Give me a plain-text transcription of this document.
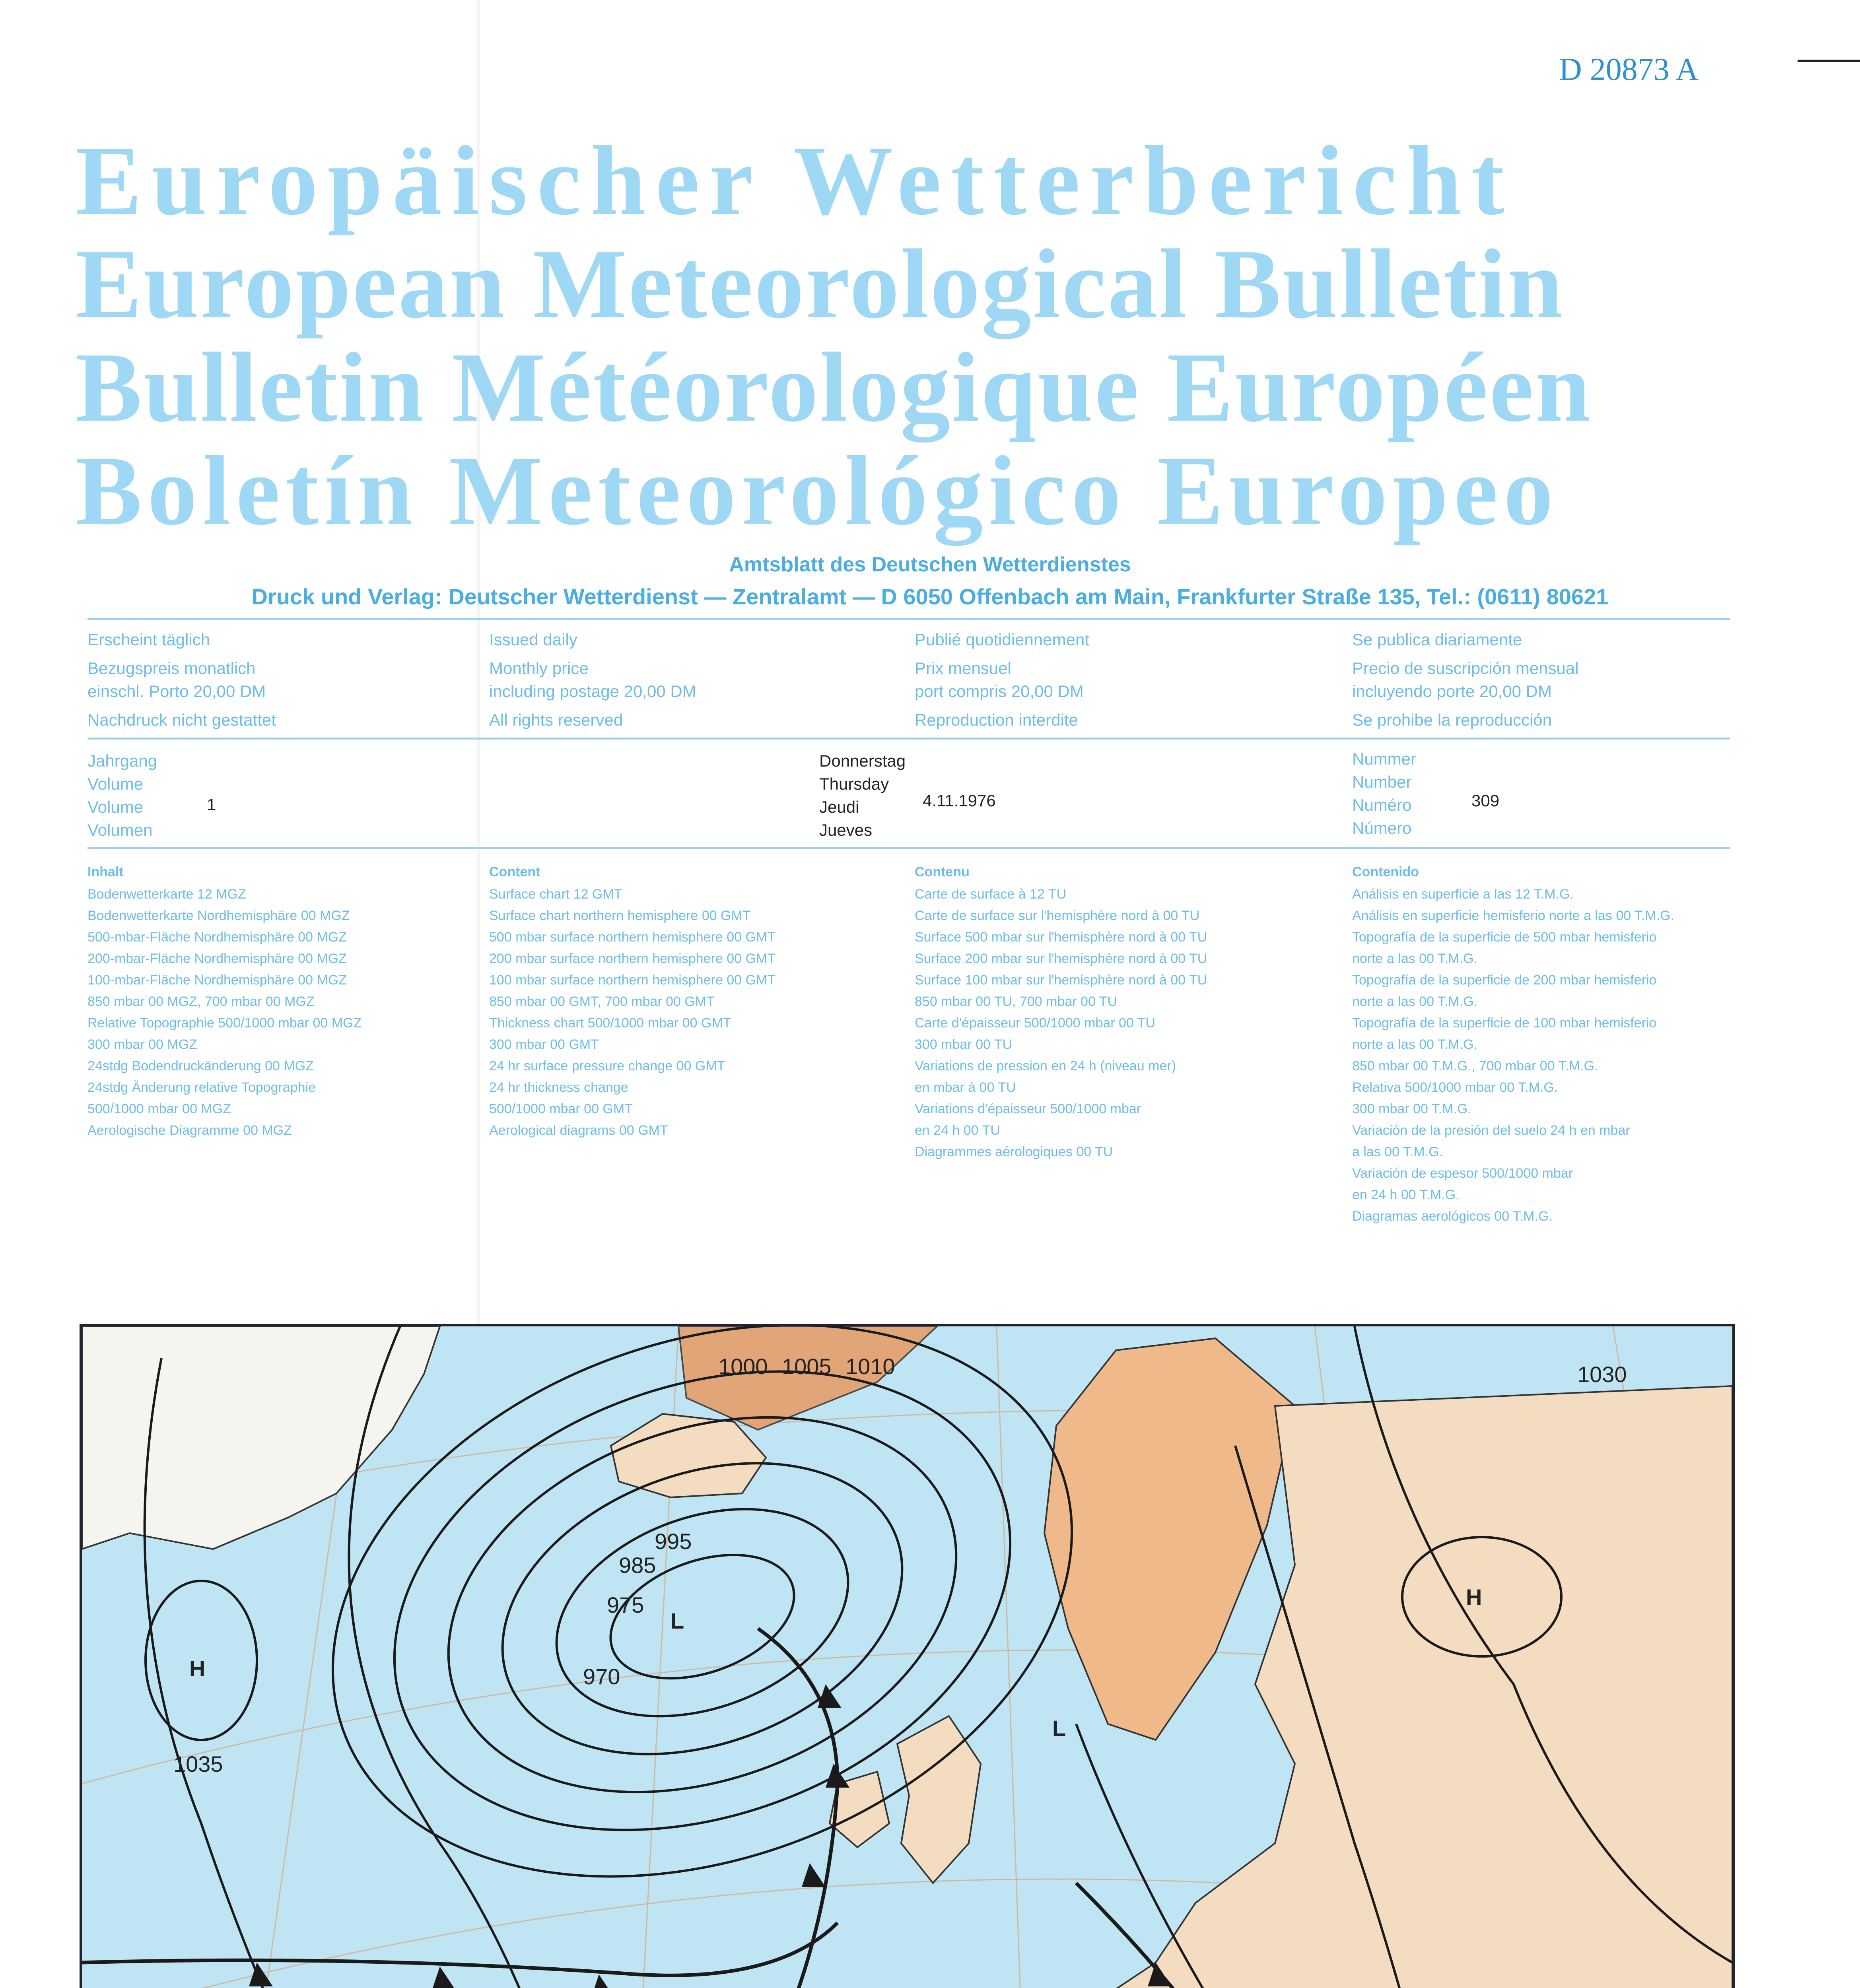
D 20873 A
Europäischer Wetterbericht
European Meteorological Bulletin
Bulletin Météorologique Européen
Boletín Meteorológico Europeo
Amtsblatt des Deutschen Wetterdienstes
Druck und Verlag: Deutscher Wetterdienst — Zentralamt — D 6050 Offenbach am Main, Frankfurter Straße 135, Tel.: (0611) 80621
Erscheint täglich
Bezugspreis monatlich
einschl. Porto 20,00 DM
Nachdruck nicht gestattet
Issued daily
Monthly price
including postage 20,00 DM
All rights reserved
Publié quotidiennement
Prix mensuel
port compris 20,00 DM
Reproduction interdite
Se publica diariamente
Precio de suscripción mensual
incluyendo porte 20,00 DM
Se prohibe la reproducción
Jahrgang
Volume
Volume
Volumen
1
Donnerstag
Thursday
Jeudi
Jueves
4.11.1976
Nummer
Number
Numéro
Número
309
Inhalt
Bodenwetterkarte 12 MGZ
Bodenwetterkarte Nordhemisphäre 00 MGZ
500-mbar-Fläche Nordhemisphäre 00 MGZ
200-mbar-Fläche Nordhemisphäre 00 MGZ
100-mbar-Fläche Nordhemisphäre 00 MGZ
850 mbar 00 MGZ, 700 mbar 00 MGZ
Relative Topographie 500/1000 mbar 00 MGZ
300 mbar 00 MGZ
24stdg Bodendruckänderung 00 MGZ
24stdg Änderung relative Topographie
500/1000 mbar 00 MGZ
Aerologische Diagramme 00 MGZ
Content
Surface chart 12 GMT
Surface chart northern hemisphere 00 GMT
500 mbar surface northern hemisphere 00 GMT
200 mbar surface northern hemisphere 00 GMT
100 mbar surface northern hemisphere 00 GMT
850 mbar 00 GMT, 700 mbar 00 GMT
Thickness chart 500/1000 mbar 00 GMT
300 mbar 00 GMT
24 hr surface pressure change 00 GMT
24 hr thickness change
500/1000 mbar 00 GMT
Aerological diagrams 00 GMT
Contenu
Carte de surface à 12 TU
Carte de surface sur l'hemisphère nord à 00 TU
Surface 500 mbar sur l'hemisphère nord à 00 TU
Surface 200 mbar sur l'hemisphère nord à 00 TU
Surface 100 mbar sur l'hemisphère nord à 00 TU
850 mbar 00 TU, 700 mbar 00 TU
Carte d'épaisseur 500/1000 mbar 00 TU
300 mbar 00 TU
Variations de pression en 24 h (niveau mer)
en mbar à 00 TU
Variations d'épaisseur 500/1000 mbar
en 24 h 00 TU
Diagrammes aérologiques 00 TU
Contenido
Análisis en superficie a las 12 T.M.G.
Análisis en superficie hemisferio norte a las 00 T.M.G.
Topografía de la superficie de 500 mbar hemisferio
norte a las 00 T.M.G.
Topografía de la superficie de 200 mbar hemisferio
norte a las 00 T.M.G.
Topografía de la superficie de 100 mbar hemisferio
norte a las 00 T.M.G.
850 mbar 00 T.M.G., 700 mbar 00 T.M.G.
Relativa 500/1000 mbar 00 T.M.G.
300 mbar 00 T.M.G.
Variación de la presión del suelo 24 h en mbar
a las 00 T.M.G.
Variación de espesor 500/1000 mbar
en 24 h 00 T.M.G.
Diagramas aerológicos 00 T.M.G.
L
995
970
H
1035
L
H
1030
1000 1005 1010
985
975
